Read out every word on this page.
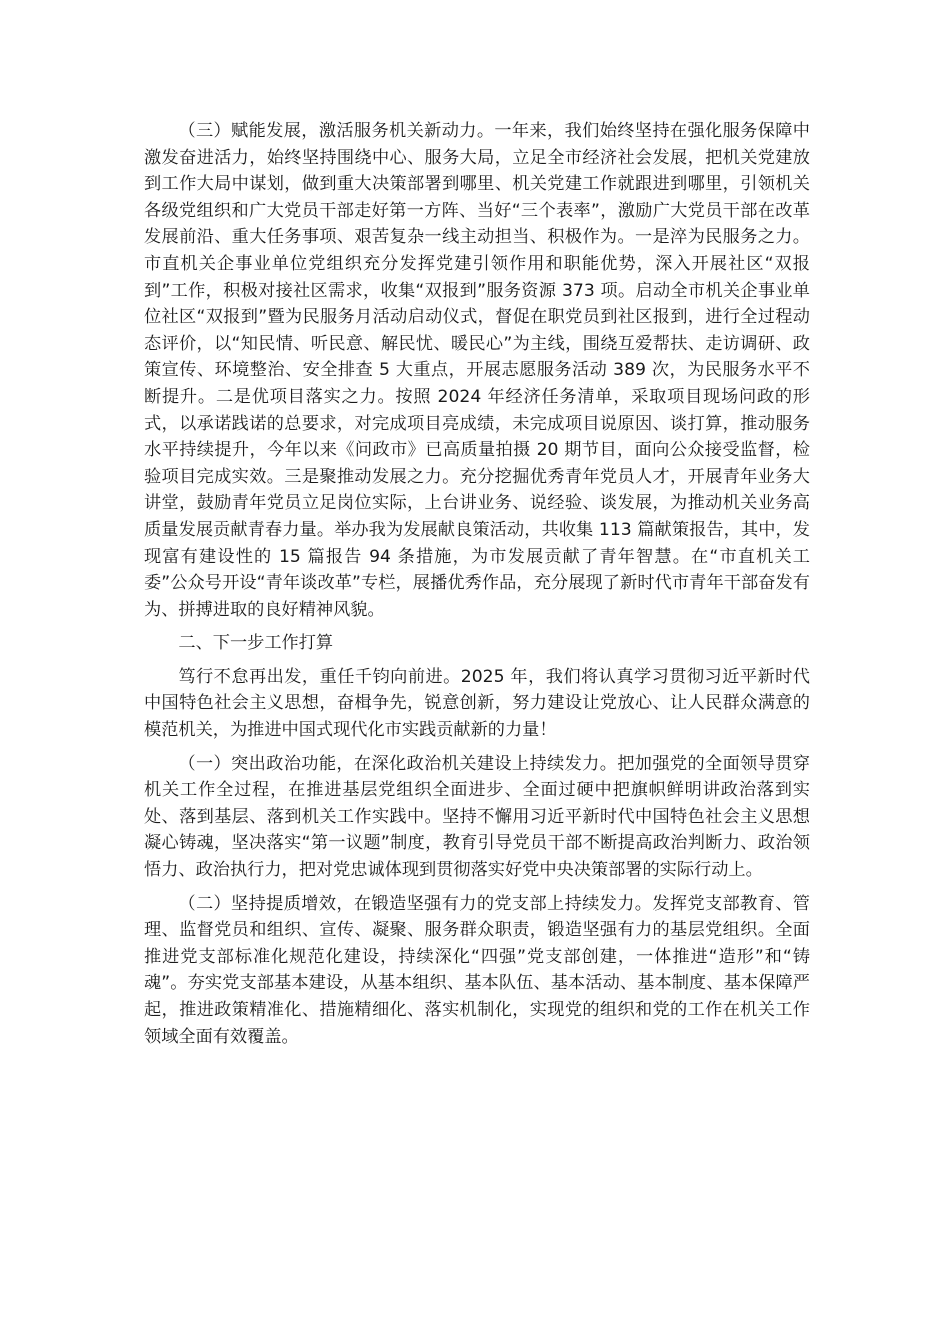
（三）赋能发展，激活服务机关新动力。一年来，我们始终坚持在强化服务保障中激发奋进活力，始终坚持围绕中心、服务大局，立足全市经济社会发展，把机关党建放到工作大局中谋划，做到重大决策部署到哪里、机关党建工作就跟进到哪里，引领机关各级党组织和广大党员干部走好第一方阵、当好“三个表率”，激励广大党员干部在改革发展前沿、重大任务事项、艰苦复杂一线主动担当、积极作为。一是淬为民服务之力。市直机关企事业单位党组织充分发挥党建引领作用和职能优势，深入开展社区“双报到”工作，积极对接社区需求，收集“双报到”服务资源 373 项。启动全市机关企事业单位社区“双报到”暨为民服务月活动启动仪式，督促在职党员到社区报到，进行全过程动态评价，以“知民情、听民意、解民忧、暖民心”为主线，围绕互爱帮扶、走访调研、政策宣传、环境整治、安全排查 5 大重点，开展志愿服务活动 389 次，为民服务水平不断提升。二是优项目落实之力。按照 2024 年经济任务清单，采取项目现场问政的形式，以承诺践诺的总要求，对完成项目亮成绩，未完成项目说原因、谈打算，推动服务水平持续提升，今年以来《问政市》已高质量拍摄 20 期节目，面向公众接受监督，检验项目完成实效。三是聚推动发展之力。充分挖掘优秀青年党员人才，开展青年业务大讲堂，鼓励青年党员立足岗位实际，上台讲业务、说经验、谈发展，为推动机关业务高质量发展贡献青春力量。举办我为发展献良策活动，共收集 113 篇献策报告，其中，发现富有建设性的 15 篇报告 94 条措施，为市发展贡献了青年智慧。在“市直机关工委”公众号开设“青年谈改革”专栏，展播优秀作品，充分展现了新时代市青年干部奋发有为、拼搏进取的良好精神风貌。

二、下一步工作打算

笃行不怠再出发，重任千钧向前进。2025 年，我们将认真学习贯彻习近平新时代中国特色社会主义思想，奋楫争先，锐意创新，努力建设让党放心、让人民群众满意的模范机关，为推进中国式现代化市实践贡献新的力量！

（一）突出政治功能，在深化政治机关建设上持续发力。把加强党的全面领导贯穿机关工作全过程，在推进基层党组织全面进步、全面过硬中把旗帜鲜明讲政治落到实处、落到基层、落到机关工作实践中。坚持不懈用习近平新时代中国特色社会主义思想凝心铸魂，坚决落实“第一议题”制度，教育引导党员干部不断提高政治判断力、政治领悟力、政治执行力，把对党忠诚体现到贯彻落实好党中央决策部署的实际行动上。

（二）坚持提质增效，在锻造坚强有力的党支部上持续发力。发挥党支部教育、管理、监督党员和组织、宣传、凝聚、服务群众职责，锻造坚强有力的基层党组织。全面推进党支部标准化规范化建设，持续深化“四强”党支部创建，一体推进“造形”和“铸魂”。夯实党支部基本建设，从基本组织、基本队伍、基本活动、基本制度、基本保障严起，推进政策精准化、措施精细化、落实机制化，实现党的组织和党的工作在机关工作领域全面有效覆盖。
